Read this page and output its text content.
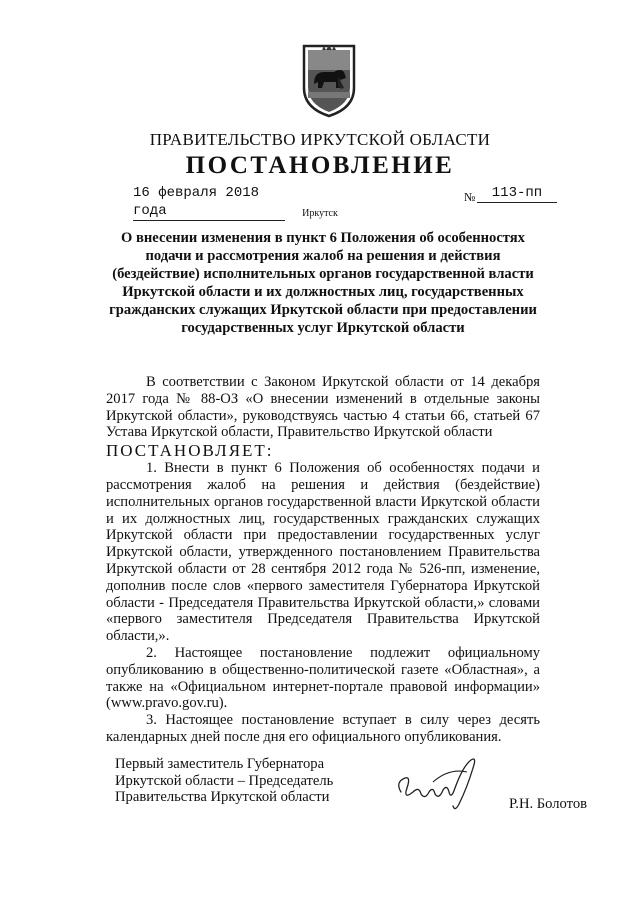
ПРАВИТЕЛЬСТВО ИРКУТСКОЙ ОБЛАСТИ
ПОСТАНОВЛЕНИЕ
16 февраля 2018 года
№	113-пп
Иркутск
О внесении изменения в пункт 6 Положения об особенностях подачи и рассмотрения жалоб на решения и действия (бездействие) исполнительных органов государственной власти Иркутской области и их должностных лиц, государственных гражданских служащих Иркутской области при предоставлении государственных услуг Иркутской области

В соответствии с Законом Иркутской области от 14 декабря 2017 года № 88-ОЗ «О внесении изменений в отдельные законы Иркутской области», руководствуясь частью 4 статьи 66, статьей 67 Устава Иркутской области, Правительство Иркутской области

ПОСТАНОВЛЯЕТ:

1. Внести в пункт 6 Положения об особенностях подачи и рассмотрения жалоб на решения и действия (бездействие) исполнительных органов государственной власти Иркутской области и их должностных лиц, государственных гражданских служащих Иркутской области при предоставлении государственных услуг Иркутской области, утвержденного постановлением Правительства Иркутской области от 28 сентября 2012 года № 526-пп, изменение, дополнив после слов «первого заместителя Губернатора Иркутской области - Председателя Правительства Иркутской области,» словами «первого заместителя Председателя Правительства Иркутской области,».

2. Настоящее постановление подлежит официальному опубликованию в общественно-политической газете «Областная», а также на «Официальном интернет-портале правовой информации» (www.pravo.gov.ru).

3. Настоящее постановление вступает в силу через десять календарных дней после дня его официального опубликования.

Первый заместитель Губернатора
Иркутской области – Председатель
Правительства Иркутской области	Р.Н. Болотов
